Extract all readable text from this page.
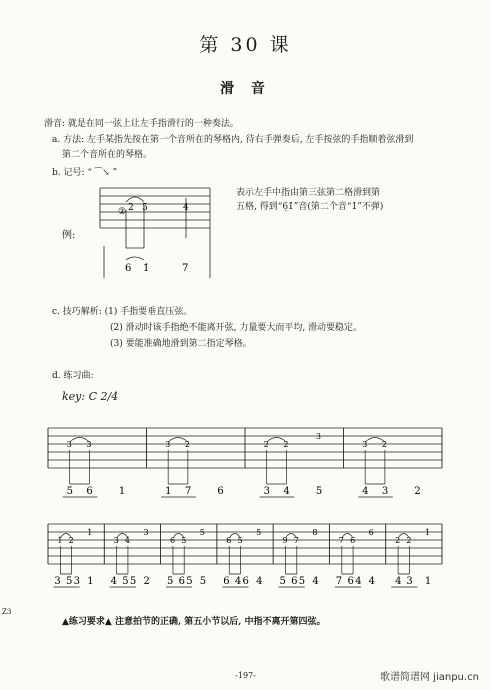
第 30 课
滑 音
滑音: 就是在同一弦上让左手指滑行的一种奏法。
a. 方法: 左手某指先按在第一个音所在的琴格内, 待右手弹奏后, 左手按弦的手指顺着弦滑到
第二个音所在的琴格。
b. 记号: “ ⁀↘ ”
例:
表示左手中指由第三弦第二格滑到第五格, 得到“6̣1̇”音(第二个音“1̇”不弹)
② 2 5	4
6 1̇	7
c. 技巧解析: (1) 手指要垂直压弦。
(2) 滑动时该手指绝不能离开弦, 力量要大而平均, 滑动要稳定。
(3) 要能准确地滑到第二指定琴格。
d. 练习曲:
key: C 2/4
3 3
5 6	1
3 2
1 7	6
2 2
3
3 4	5
3 2
4 3	2
1 2
1
3 5 3 1
3 4
3
4 5 5 2
6 5
5
5 6 5 5
6 5
5
6 4 6 4
9 7
8
5 6 5 4
7 6
6
7 6 4 4
2 2
1
4 3 1
▲练习要求▲ 注意拍节的正确, 第五小节以后, 中指不离开第四弦。
-197-	歌谱简谱网 jianpu.cn
Z3
